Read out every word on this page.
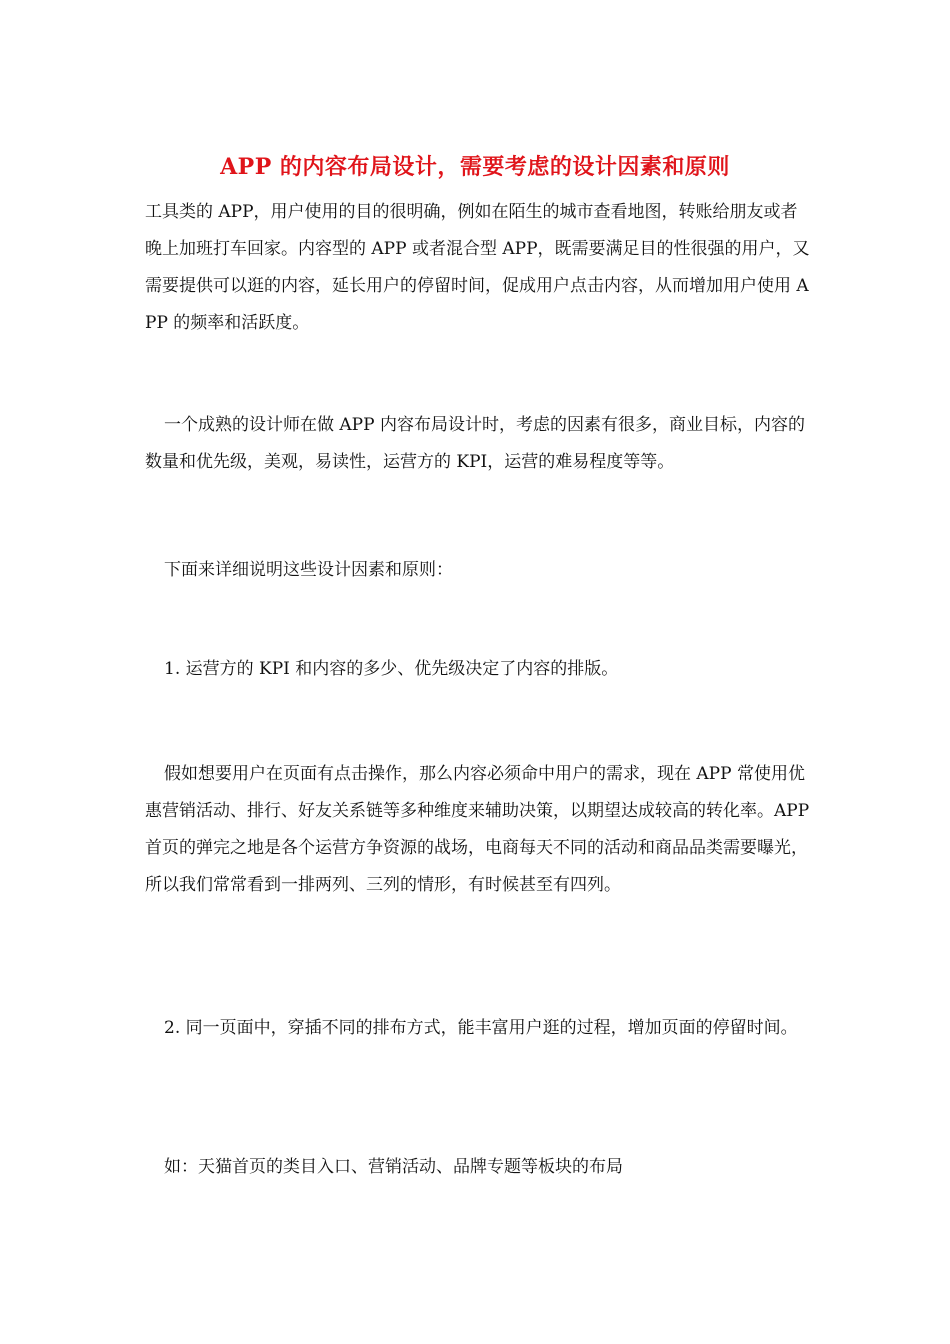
APP 的内容布局设计，需要考虑的设计因素和原则

工具类的 APP，用户使用的目的很明确，例如在陌生的城市查看地图，转账给朋友或者晚上加班打车回家。内容型的 APP 或者混合型 APP，既需要满足目的性很强的用户，又需要提供可以逛的内容，延长用户的停留时间，促成用户点击内容，从而增加用户使用 APP 的频率和活跃度。

一个成熟的设计师在做 APP 内容布局设计时，考虑的因素有很多，商业目标，内容的数量和优先级，美观，易读性，运营方的 KPI，运营的难易程度等等。

下面来详细说明这些设计因素和原则：

1. 运营方的 KPI 和内容的多少、优先级决定了内容的排版。

假如想要用户在页面有点击操作，那么内容必须命中用户的需求，现在 APP 常使用优惠营销活动、排行、好友关系链等多种维度来辅助决策，以期望达成较高的转化率。APP 首页的弹完之地是各个运营方争资源的战场，电商每天不同的活动和商品品类需要曝光，所以我们常常看到一排两列、三列的情形，有时候甚至有四列。

2. 同一页面中，穿插不同的排布方式，能丰富用户逛的过程，增加页面的停留时间。

如：天猫首页的类目入口、营销活动、品牌专题等板块的布局
